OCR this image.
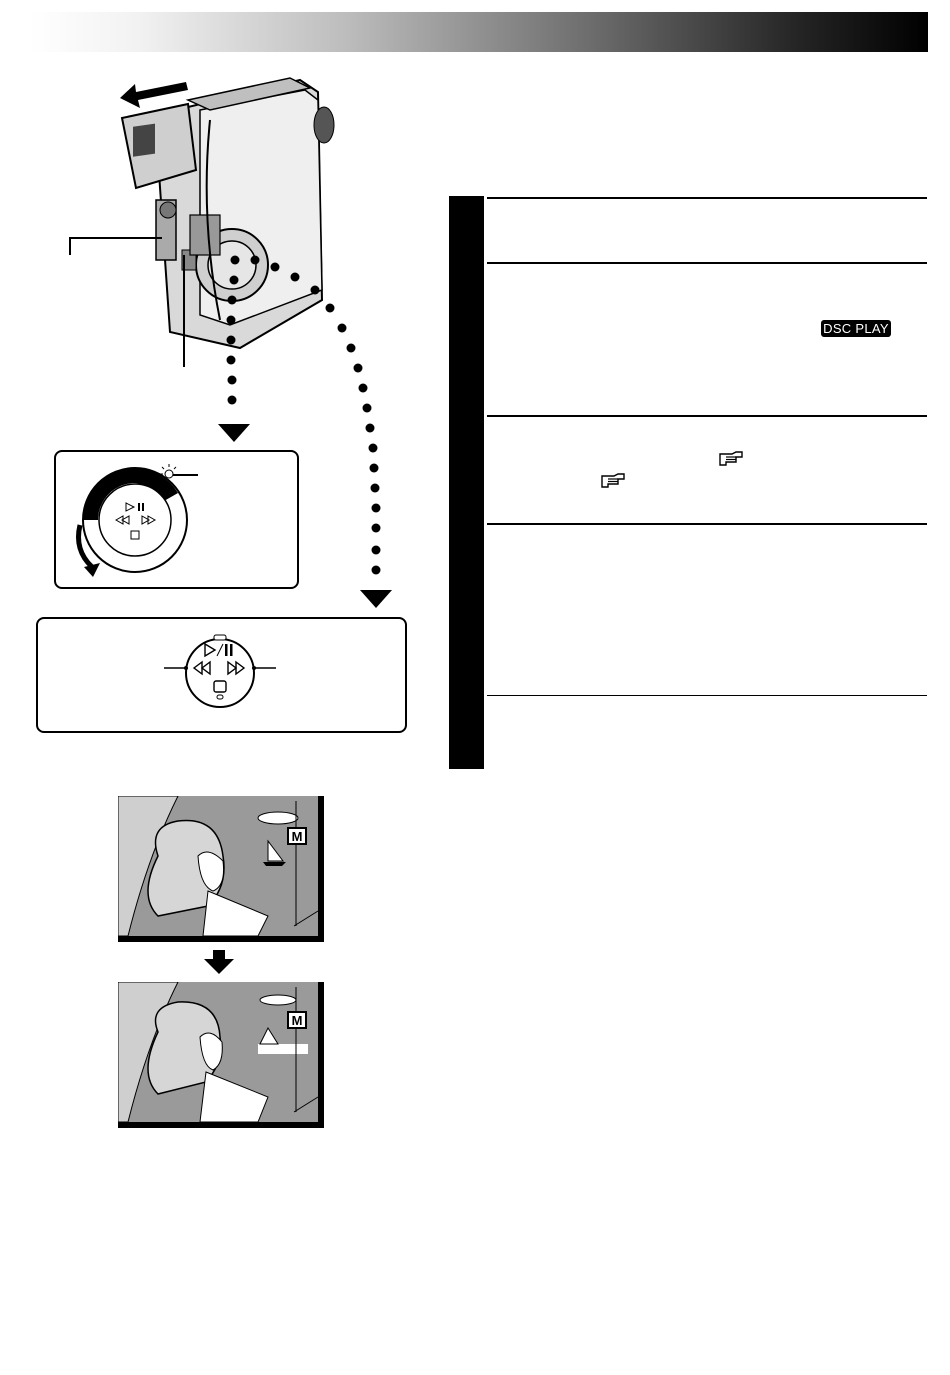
DSC PLAY
M
M
